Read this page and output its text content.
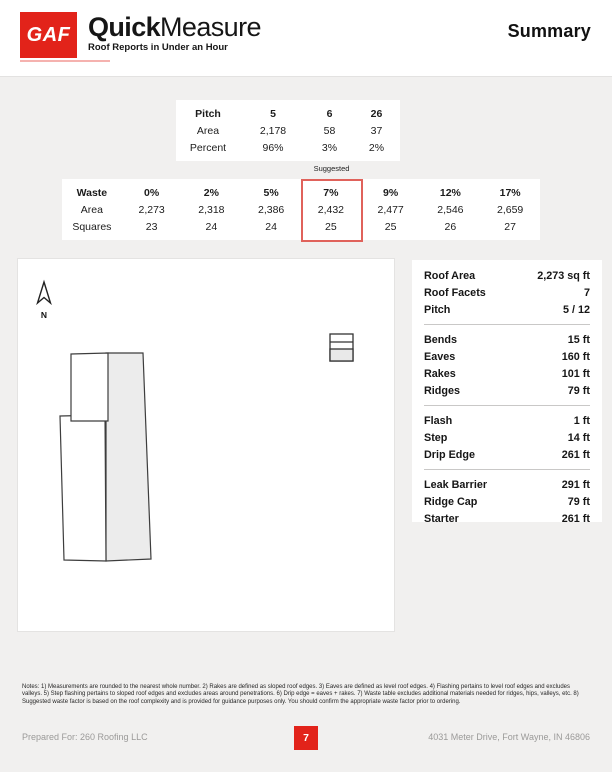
GAF QuickMeasure
Roof Reports in Under an Hour
Summary
Pitch	5	6	26
Area	2,178	58	37
Percent	96%	3%	2%
Suggested
Waste	0%	2%	5%	7%	9%	12%	17%
Area	2,273	2,318	2,386	2,432	2,477	2,546	2,659
Squares	23	24	24	25	25	26	27
N
Roof Area	2,273 sq ft
Roof Facets	7
Pitch	5 / 12
Bends	15 ft
Eaves	160 ft
Rakes	101 ft
Ridges	79 ft
Flash	1 ft
Step	14 ft
Drip Edge	261 ft
Leak Barrier	291 ft
Ridge Cap	79 ft
Starter	261 ft
Notes: 1) Measurements are rounded to the nearest whole number. 2) Rakes are defined as sloped roof edges. 3) Eaves are defined as level roof edges. 4) Flashing pertains to level roof edges and excludes valleys. 5) Step flashing pertains to sloped roof edges and excludes areas around penetrations. 6) Drip edge = eaves + rakes. 7) Waste table excludes additional materials needed for ridges, hips, valleys, etc. 8) Suggested waste factor is based on the roof complexity and is provided for guidance purposes only. You should confirm the appropriate waste factor prior to ordering.
Prepared For: 260 Roofing LLC	7	4031 Meter Drive, Fort Wayne, IN 46806
